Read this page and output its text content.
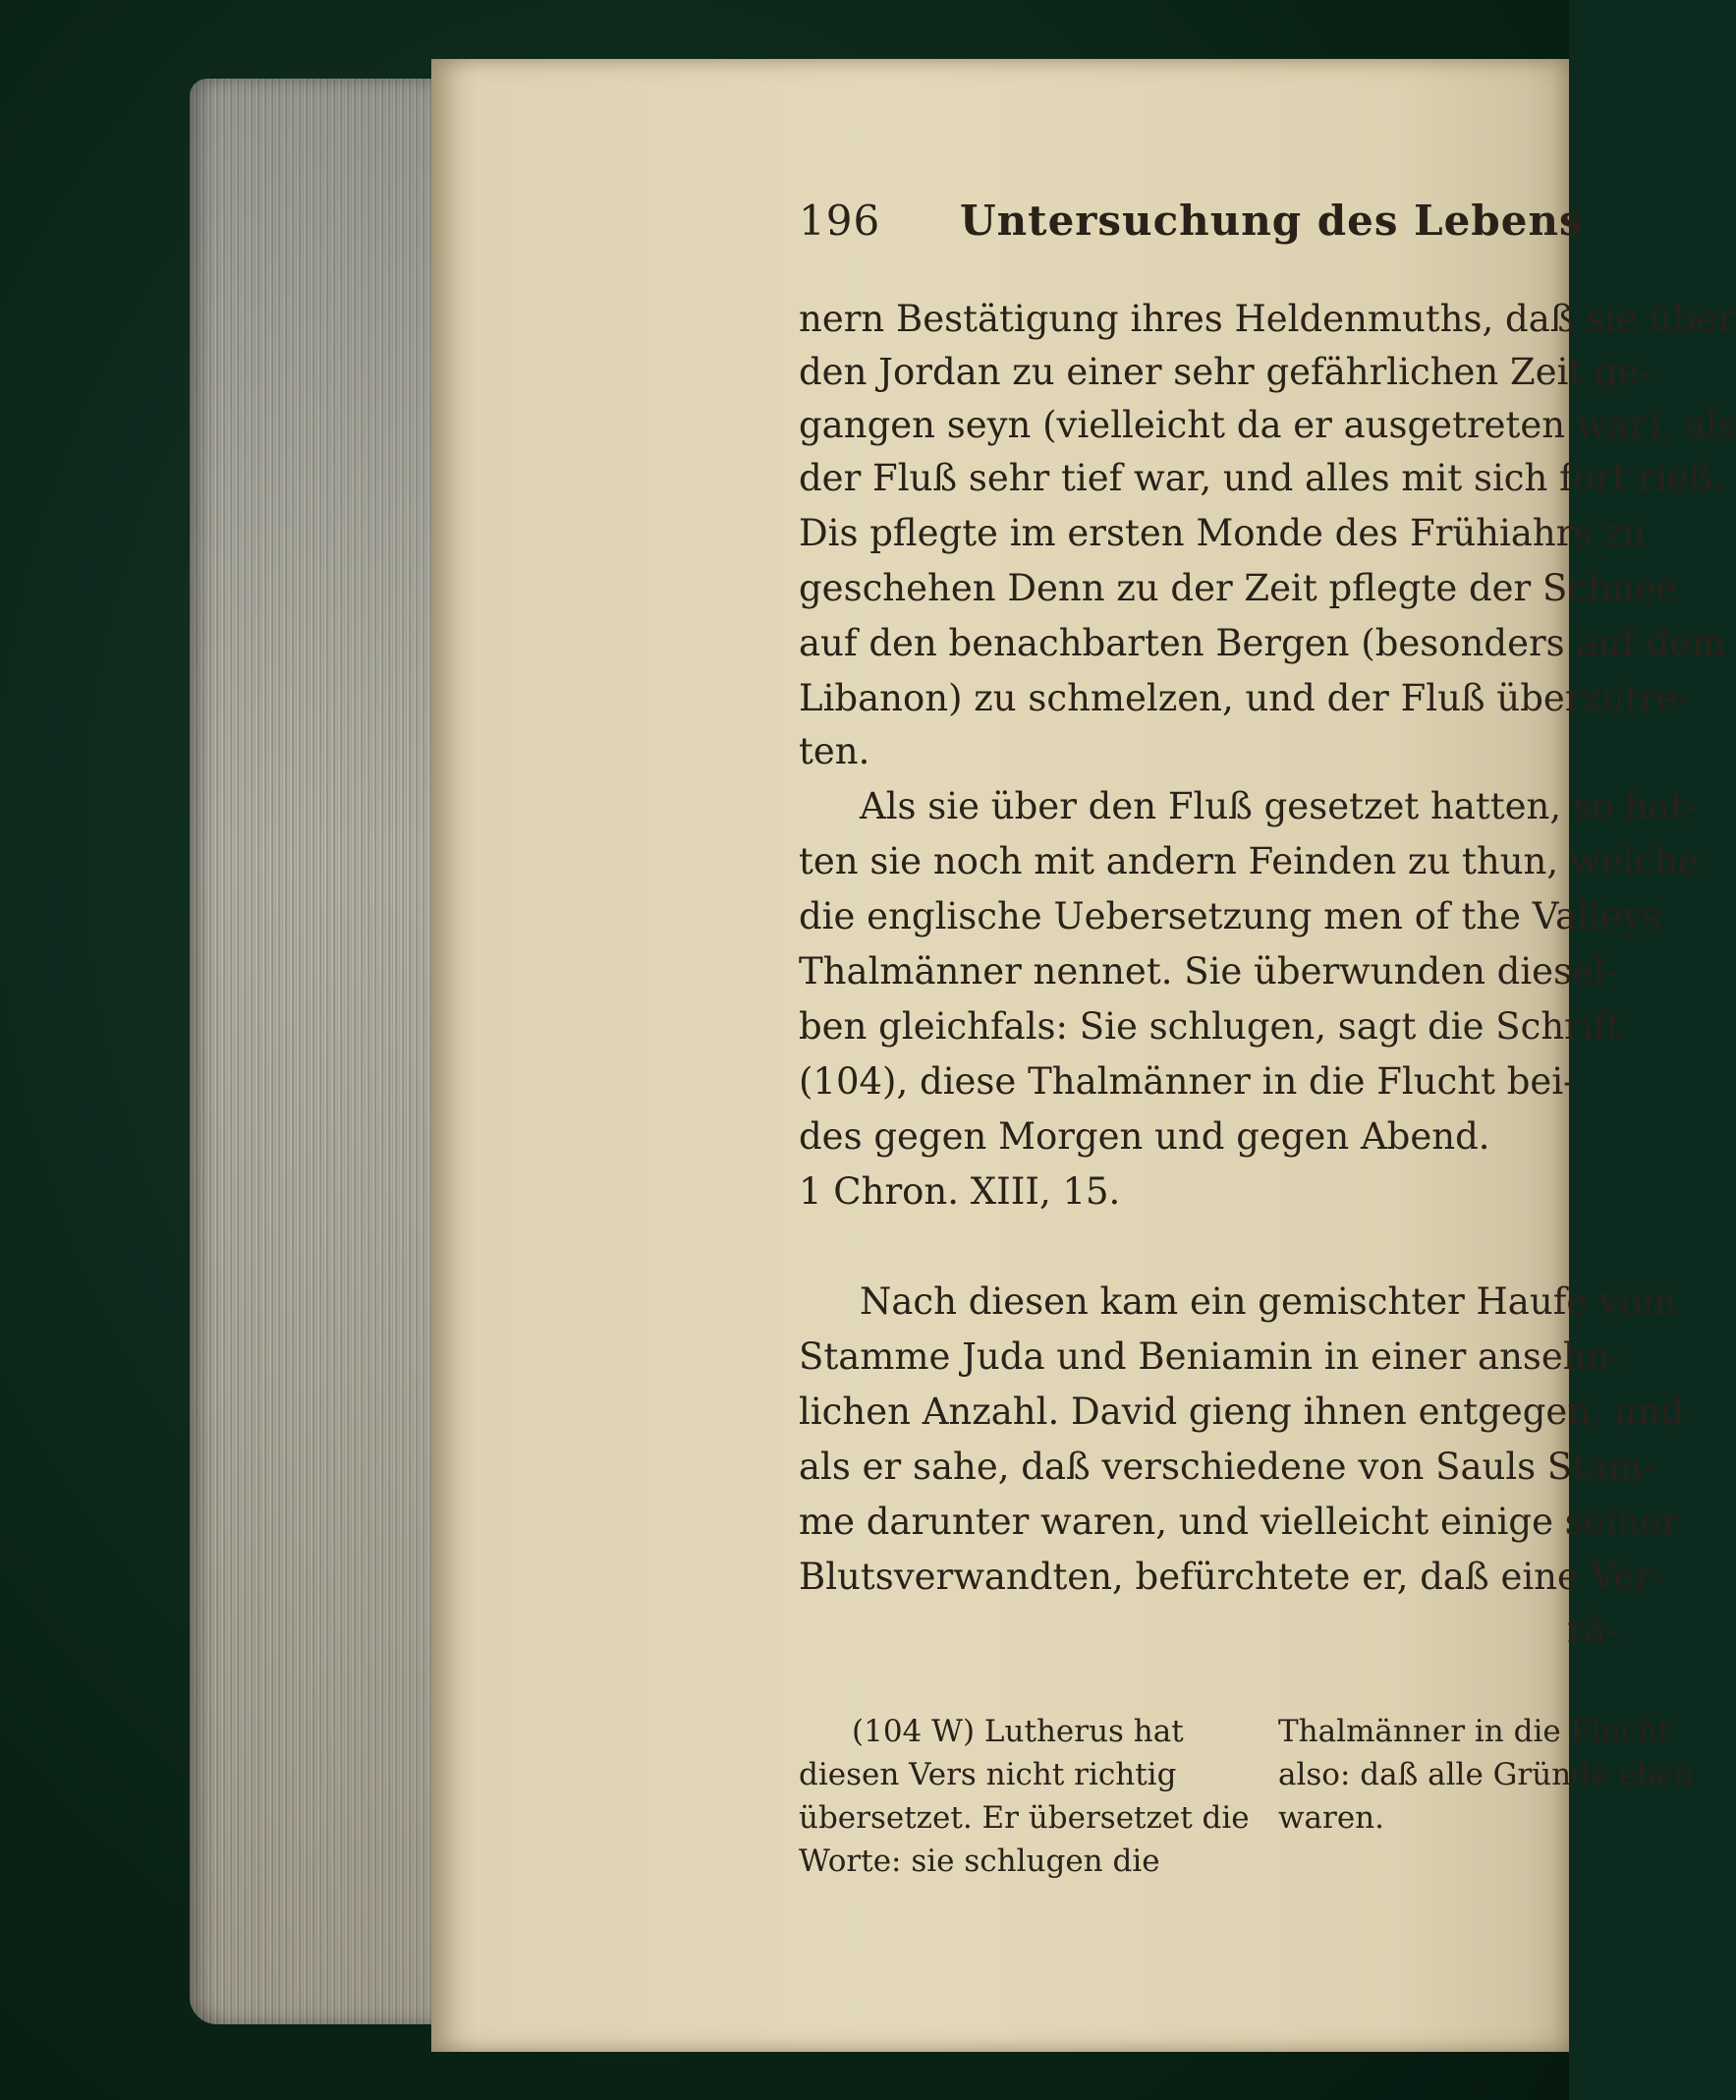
196 Untersuchung des Lebens
nern Bestätigung ihres Heldenmuths, daß sie über
den Jordan zu einer sehr gefährlichen Zeit ge-
gangen seyn (vielleicht da er ausgetreten war), als
der Fluß sehr tief war, und alles mit sich fort rieß.
Dis pflegte im ersten Monde des Frühiahrs zu
geschehen Denn zu der Zeit pflegte der Schnee
auf den benachbarten Bergen (besonders auf dem
Libanon) zu schmelzen, und der Fluß überzutre-
ten.
Als sie über den Fluß gesetzet hatten, so hat-
ten sie noch mit andern Feinden zu thun, welche
die englische Uebersetzung men of the Valleys
Thalmänner nennet. Sie überwunden diesel-
ben gleichfals: Sie schlugen, sagt die Schrift
(104), diese Thalmänner in die Flucht bei-
des gegen Morgen und gegen Abend.
1 Chron. XIII, 15.
Nach diesen kam ein gemischter Haufe vom
Stamme Juda und Beniamin in einer ansehn-
lichen Anzahl. David gieng ihnen entgegen, und
als er sahe, daß verschiedene von Sauls Stam-
me darunter waren, und vielleicht einige seiner
Blutsverwandten, befürchtete er, daß eine Ver-
rä-
(104 W) Lutherus hat
diesen Vers nicht richtig
übersetzet. Er übersetzet die
Worte: sie schlugen die
Thalmänner in die Flucht
also: daß alle Gründe eben
waren.
